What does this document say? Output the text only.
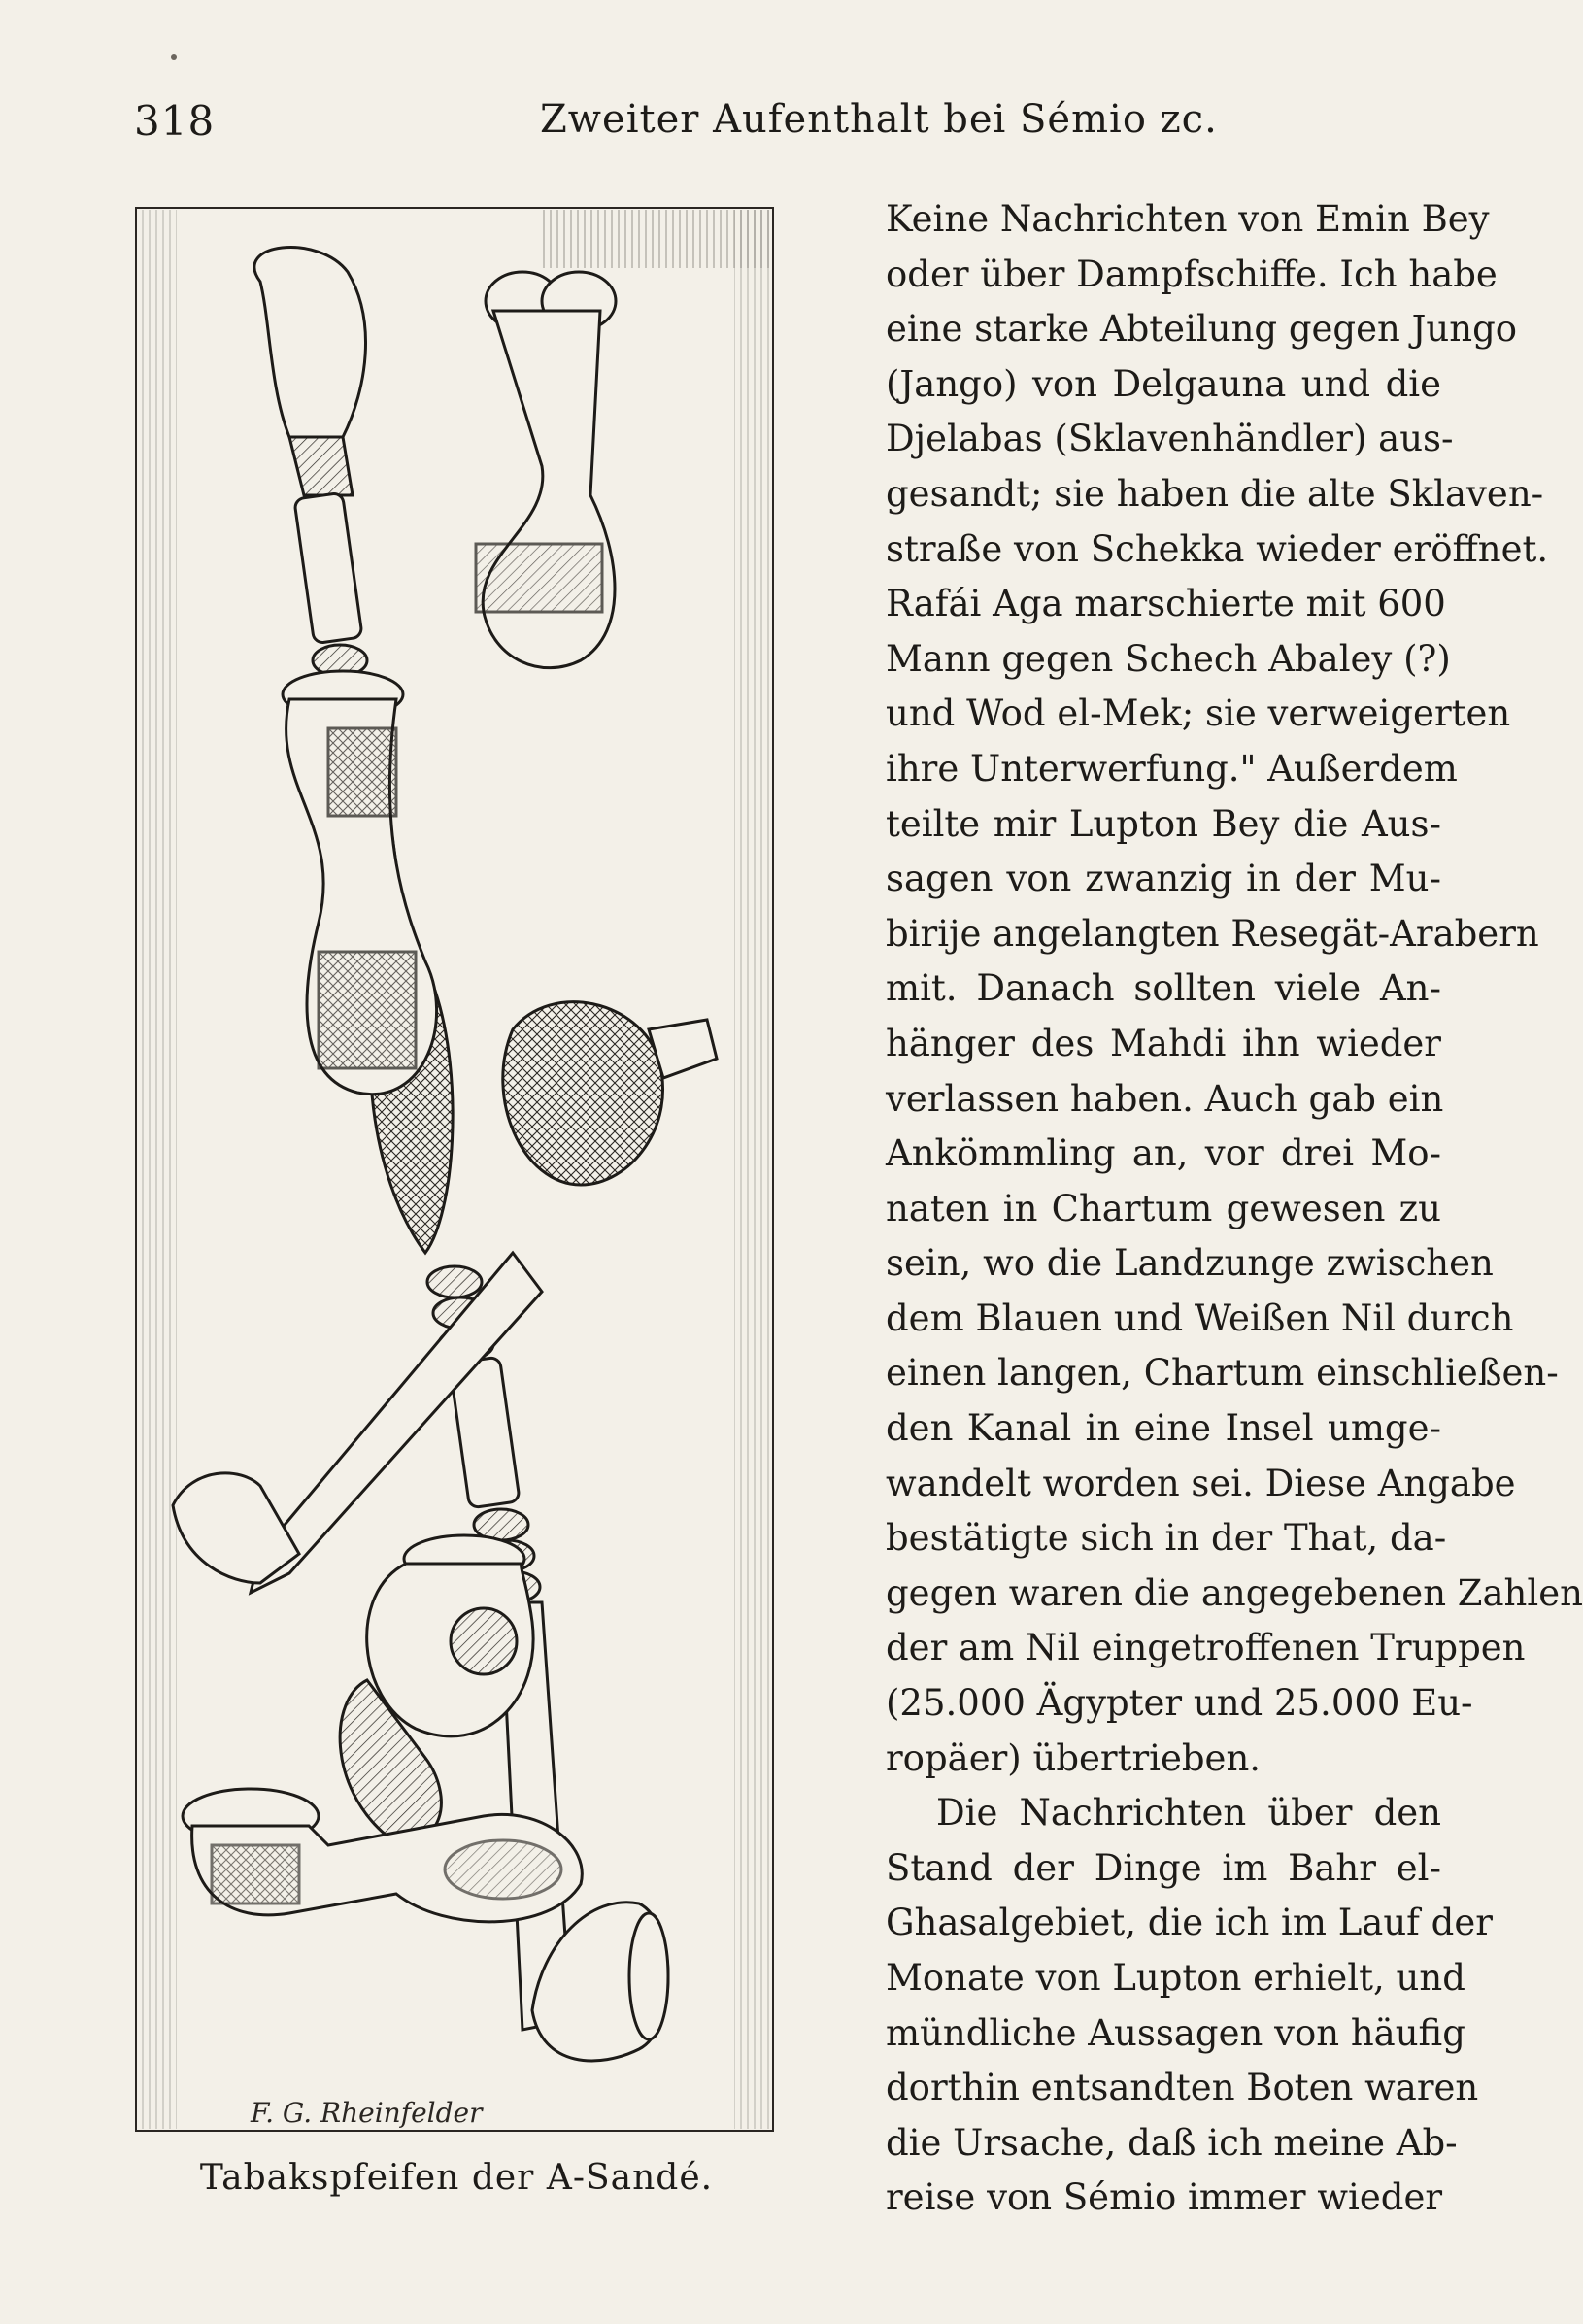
318	Zweiter Aufenthalt bei Sémio zc.
F. G. Rheinfelder
Tabakspfeifen der A-Sandé.

Keine Nachrichten von Emin Bey
oder über Dampfschiffe. Ich habe
eine starke Abteilung gegen Jungo
(Jango) von Delgauna und die
Djelabas (Sklavenhändler) aus-
gesandt; sie haben die alte Sklaven-
straße von Schekka wieder eröffnet.
Rafái Aga marschierte mit 600
Mann gegen Schech Abaley (?)
und Wod el-Mek; sie verweigerten
ihre Unterwerfung." Außerdem
teilte mir Lupton Bey die Aus-
sagen von zwanzig in der Mu-
birije angelangten Resegät-Arabern
mit. Danach sollten viele An-
hänger des Mahdi ihn wieder
verlassen haben. Auch gab ein
Ankömmling an, vor drei Mo-
naten in Chartum gewesen zu
sein, wo die Landzunge zwischen
dem Blauen und Weißen Nil durch
einen langen, Chartum einschließen-
den Kanal in eine Insel umge-
wandelt worden sei. Diese Angabe
bestätigte sich in der That, da-
gegen waren die angegebenen Zahlen
der am Nil eingetroffenen Truppen
(25.000 Ägypter und 25.000 Eu-
ropäer) übertrieben.

Die Nachrichten über den
Stand der Dinge im Bahr el-
Ghasalgebiet, die ich im Lauf der
Monate von Lupton erhielt, und
mündliche Aussagen von häufig
dorthin entsandten Boten waren
die Ursache, daß ich meine Ab-
reise von Sémio immer wieder
